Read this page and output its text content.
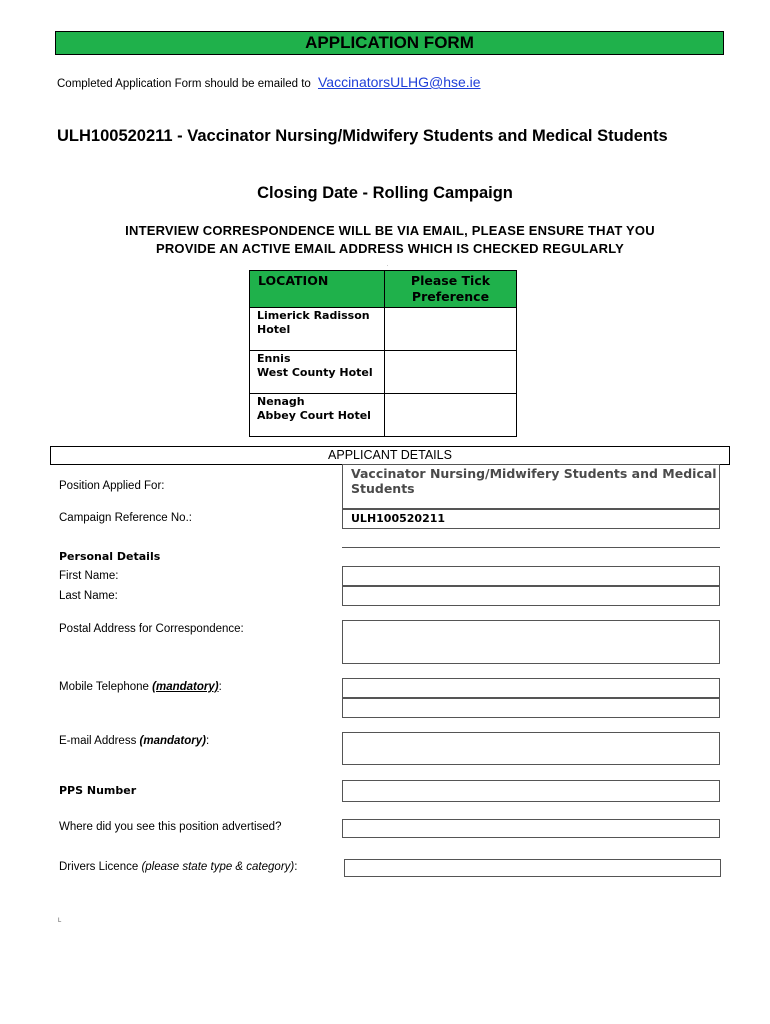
APPLICATION FORM
Completed Application Form should be emailed to VaccinatorsULHG@hse.ie
ULH100520211 - Vaccinator Nursing/Midwifery Students and Medical Students
Closing Date - Rolling Campaign
INTERVIEW CORRESPONDENCE WILL BE VIA EMAIL, PLEASE ENSURE THAT YOU
PROVIDE AN ACTIVE EMAIL ADDRESS WHICH IS CHECKED REGULARLY
.
LOCATION	Please Tick Preference
Limerick Radisson
Hotel	
Ennis
West County Hotel	
Nenagh
Abbey Court Hotel	
APPLICANT DETAILS
Position Applied For:
Vaccinator Nursing/Midwifery Students and Medical Students
Campaign Reference No.:	ULH100520211
Personal Details
First Name:
Last Name:
Postal Address for Correspondence:
Mobile Telephone (mandatory):
E-mail Address (mandatory):
PPS Number
Where did you see this position advertised?
Drivers Licence (please state type & category):
L
